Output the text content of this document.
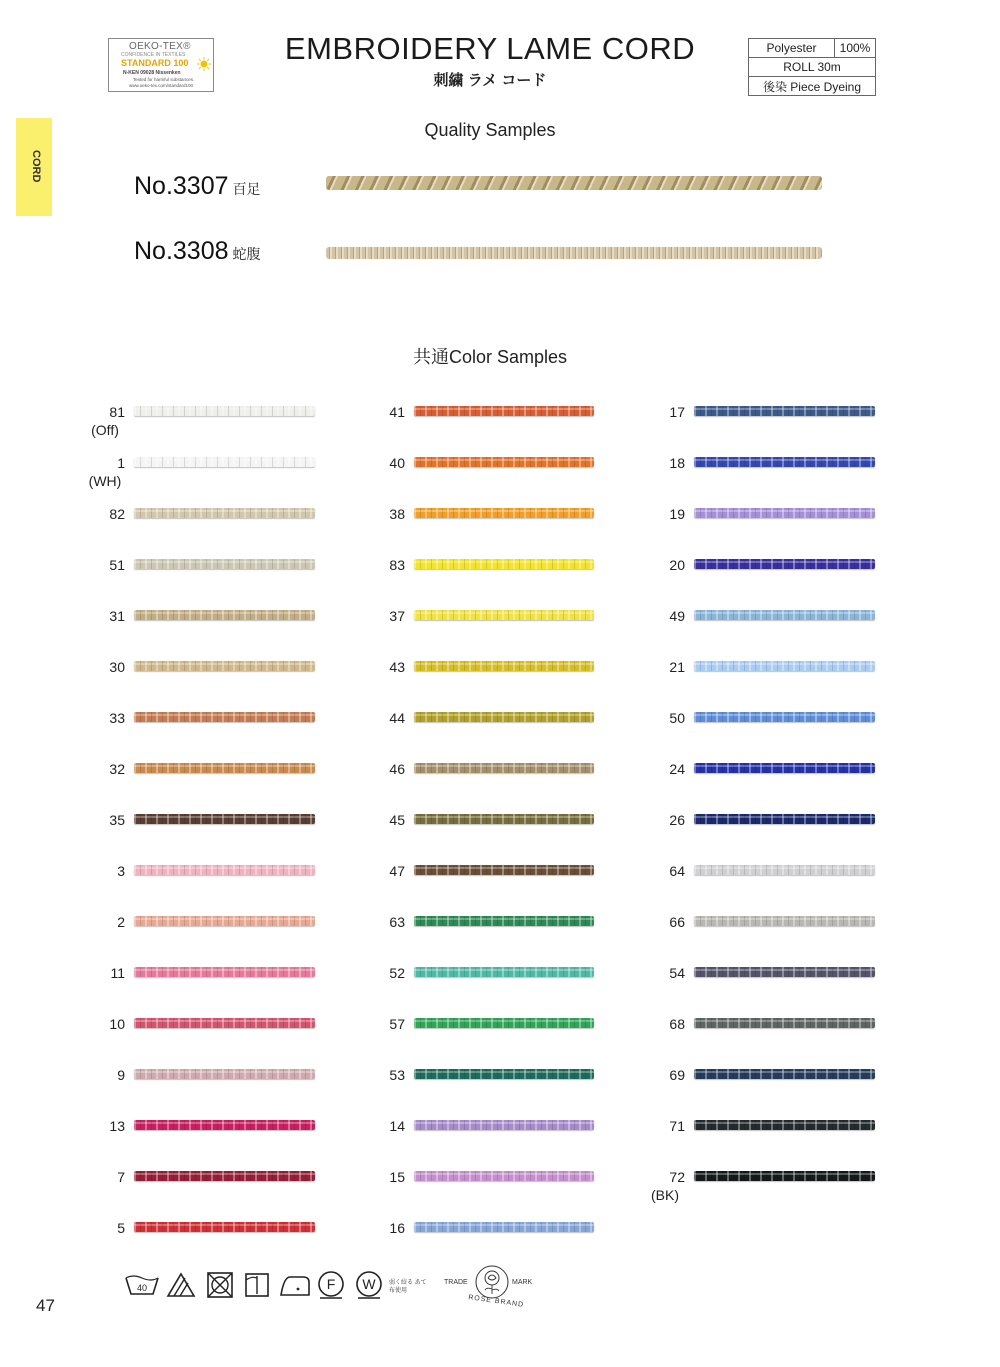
OEKO-TEX®
CONFIDENCE IN TEXTILES
STANDARD 100
N-KEN 09028 Nissenken
Tested for harmful substances.
www.oeko-tex.com/standard100
EMBROIDERY LAME CORD
刺繍 ラメ コード
Polyester	100%
ROLL 30m
後染 Piece Dyeing
CORD
Quality Samples
No.3307 百足
No.3308 蛇腹
共通Color Samples
81
(Off)
1
(WH)
82
51
31
30
33
32
35
3
2
11
10
9
13
7
5
41
40
38
83
37
43
44
46
45
47
63
52
57
53
14
15
16
17
18
19
20
49
21
50
24
26
64
66
54
68
69
71
72
(BK)
47
40	F W 弱く絞る あて布使用
TRADE	MARK
ROSE BRAND
